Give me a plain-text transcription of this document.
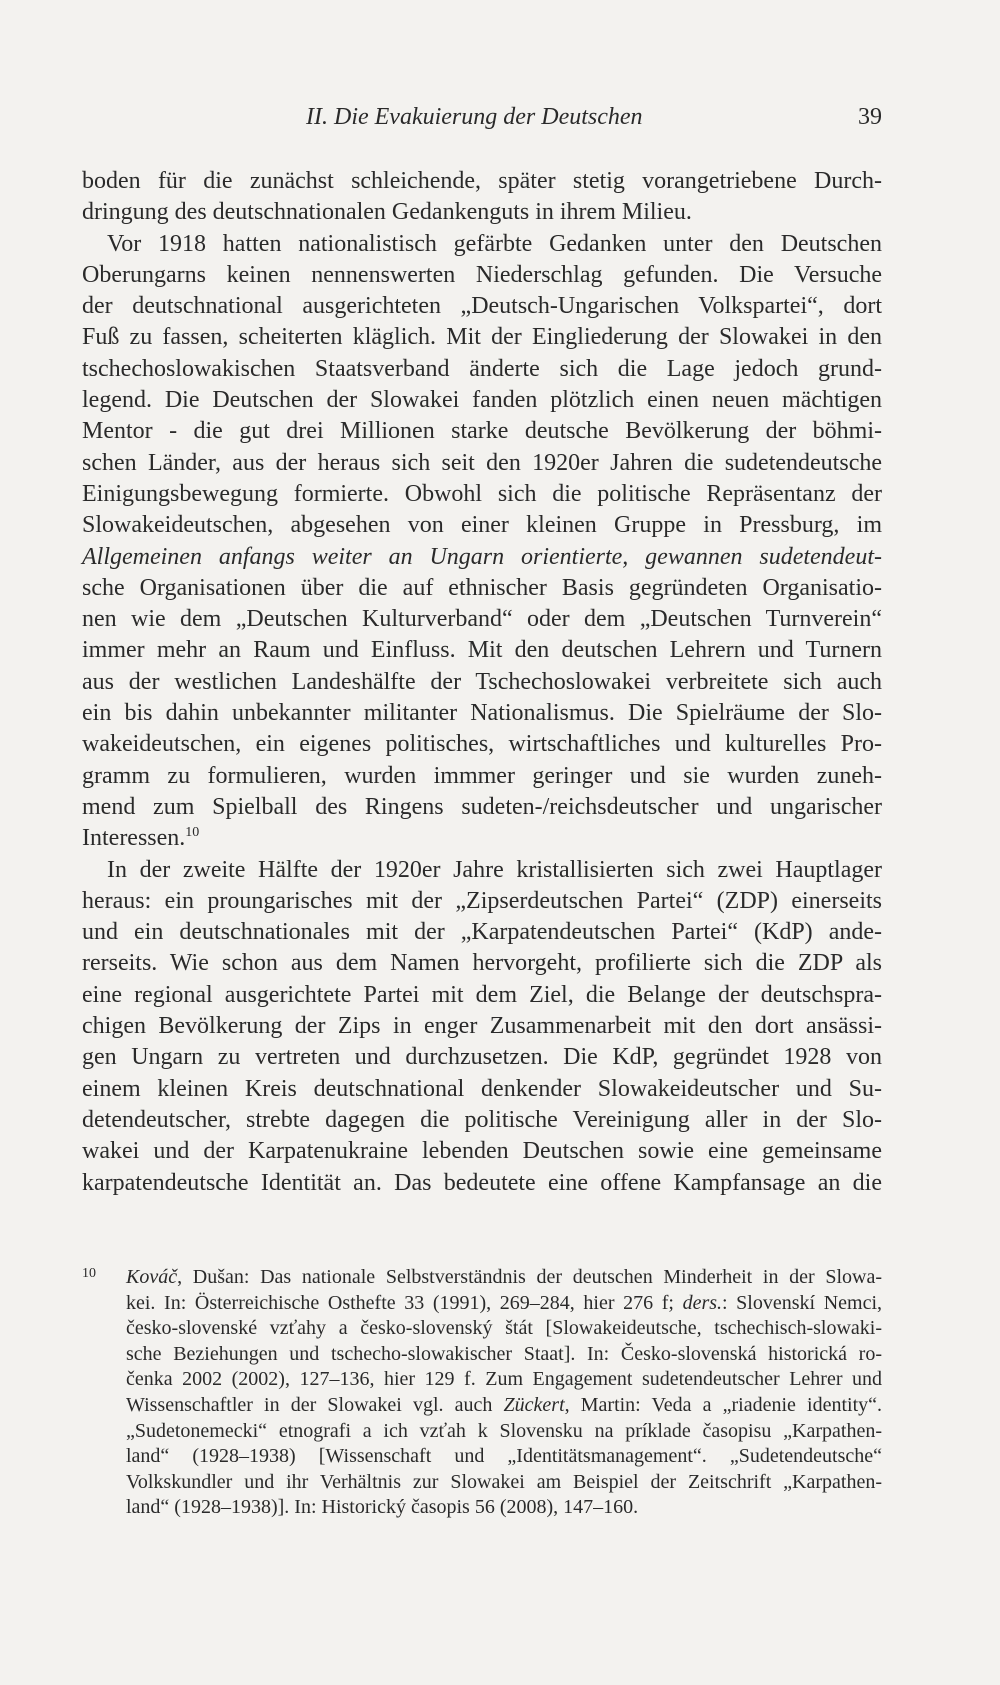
II. Die Evakuierung der Deutschen	39
boden für die zunächst schleichende, später stetig vorangetriebene Durch-
dringung des deutschnationalen Gedankenguts in ihrem Milieu.
Vor 1918 hatten nationalistisch gefärbte Gedanken unter den Deutschen
Oberungarns keinen nennenswerten Niederschlag gefunden. Die Versuche
der deutschnational ausgerichteten „Deutsch-Ungarischen Volkspartei“, dort
Fuß zu fassen, scheiterten kläglich. Mit der Eingliederung der Slowakei in den
tschechoslowakischen Staatsverband änderte sich die Lage jedoch grund-
legend. Die Deutschen der Slowakei fanden plötzlich einen neuen mächtigen
Mentor - die gut drei Millionen starke deutsche Bevölkerung der böhmi-
schen Länder, aus der heraus sich seit den 1920er Jahren die sudetendeutsche
Einigungsbewegung formierte. Obwohl sich die politische Repräsentanz der
Slowakeideutschen, abgesehen von einer kleinen Gruppe in Pressburg, im
Allgemeinen anfangs weiter an Ungarn orientierte, gewannen sudetendeut-
sche Organisationen über die auf ethnischer Basis gegründeten Organisatio-
nen wie dem „Deutschen Kulturverband“ oder dem „Deutschen Turnverein“
immer mehr an Raum und Einfluss. Mit den deutschen Lehrern und Turnern
aus der westlichen Landeshälfte der Tschechoslowakei verbreitete sich auch
ein bis dahin unbekannter militanter Nationalismus. Die Spielräume der Slo-
wakeideutschen, ein eigenes politisches, wirtschaftliches und kulturelles Pro-
gramm zu formulieren, wurden immmer geringer und sie wurden zuneh-
mend zum Spielball des Ringens sudeten-/reichsdeutscher und ungarischer
Interessen.$^{10}$
In der zweite Hälfte der 1920er Jahre kristallisierten sich zwei Hauptlager
heraus: ein proungarisches mit der „Zipserdeutschen Partei“ (ZDP) einerseits
und ein deutschnationales mit der „Karpatendeutschen Partei“ (KdP) ande-
rerseits. Wie schon aus dem Namen hervorgeht, profilierte sich die ZDP als
eine regional ausgerichtete Partei mit dem Ziel, die Belange der deutschspra-
chigen Bevölkerung der Zips in enger Zusammenarbeit mit den dort ansässi-
gen Ungarn zu vertreten und durchzusetzen. Die KdP, gegründet 1928 von
einem kleinen Kreis deutschnational denkender Slowakeideutscher und Su-
detendeutscher, strebte dagegen die politische Vereinigung aller in der Slo-
wakei und der Karpatenukraine lebenden Deutschen sowie eine gemeinsame
karpatendeutsche Identität an. Das bedeutete eine offene Kampfansage an die
10 Kováč, Dušan: Das nationale Selbstverständnis der deutschen Minderheit in der Slowa-
kei. In: Österreichische Osthefte 33 (1991), 269–284, hier 276 f; ders.: Slovenskí Nemci,
česko-slovenské vzťahy a česko-slovenský štát [Slowakeideutsche, tschechisch-slowaki-
sche Beziehungen und tschecho-slowakischer Staat]. In: Česko-slovenská historická ro-
čenka 2002 (2002), 127–136, hier 129 f. Zum Engagement sudetendeutscher Lehrer und
Wissenschaftler in der Slowakei vgl. auch Zückert, Martin: Veda a „riadenie identity“.
„Sudetonemecki“ etnografi a ich vzťah k Slovensku na príklade časopisu „Karpathen-
land“ (1928–1938) [Wissenschaft und „Identitätsmanagement“. „Sudetendeutsche“
Volkskundler und ihr Verhältnis zur Slowakei am Beispiel der Zeitschrift „Karpathen-
land“ (1928–1938)]. In: Historický časopis 56 (2008), 147–160.
